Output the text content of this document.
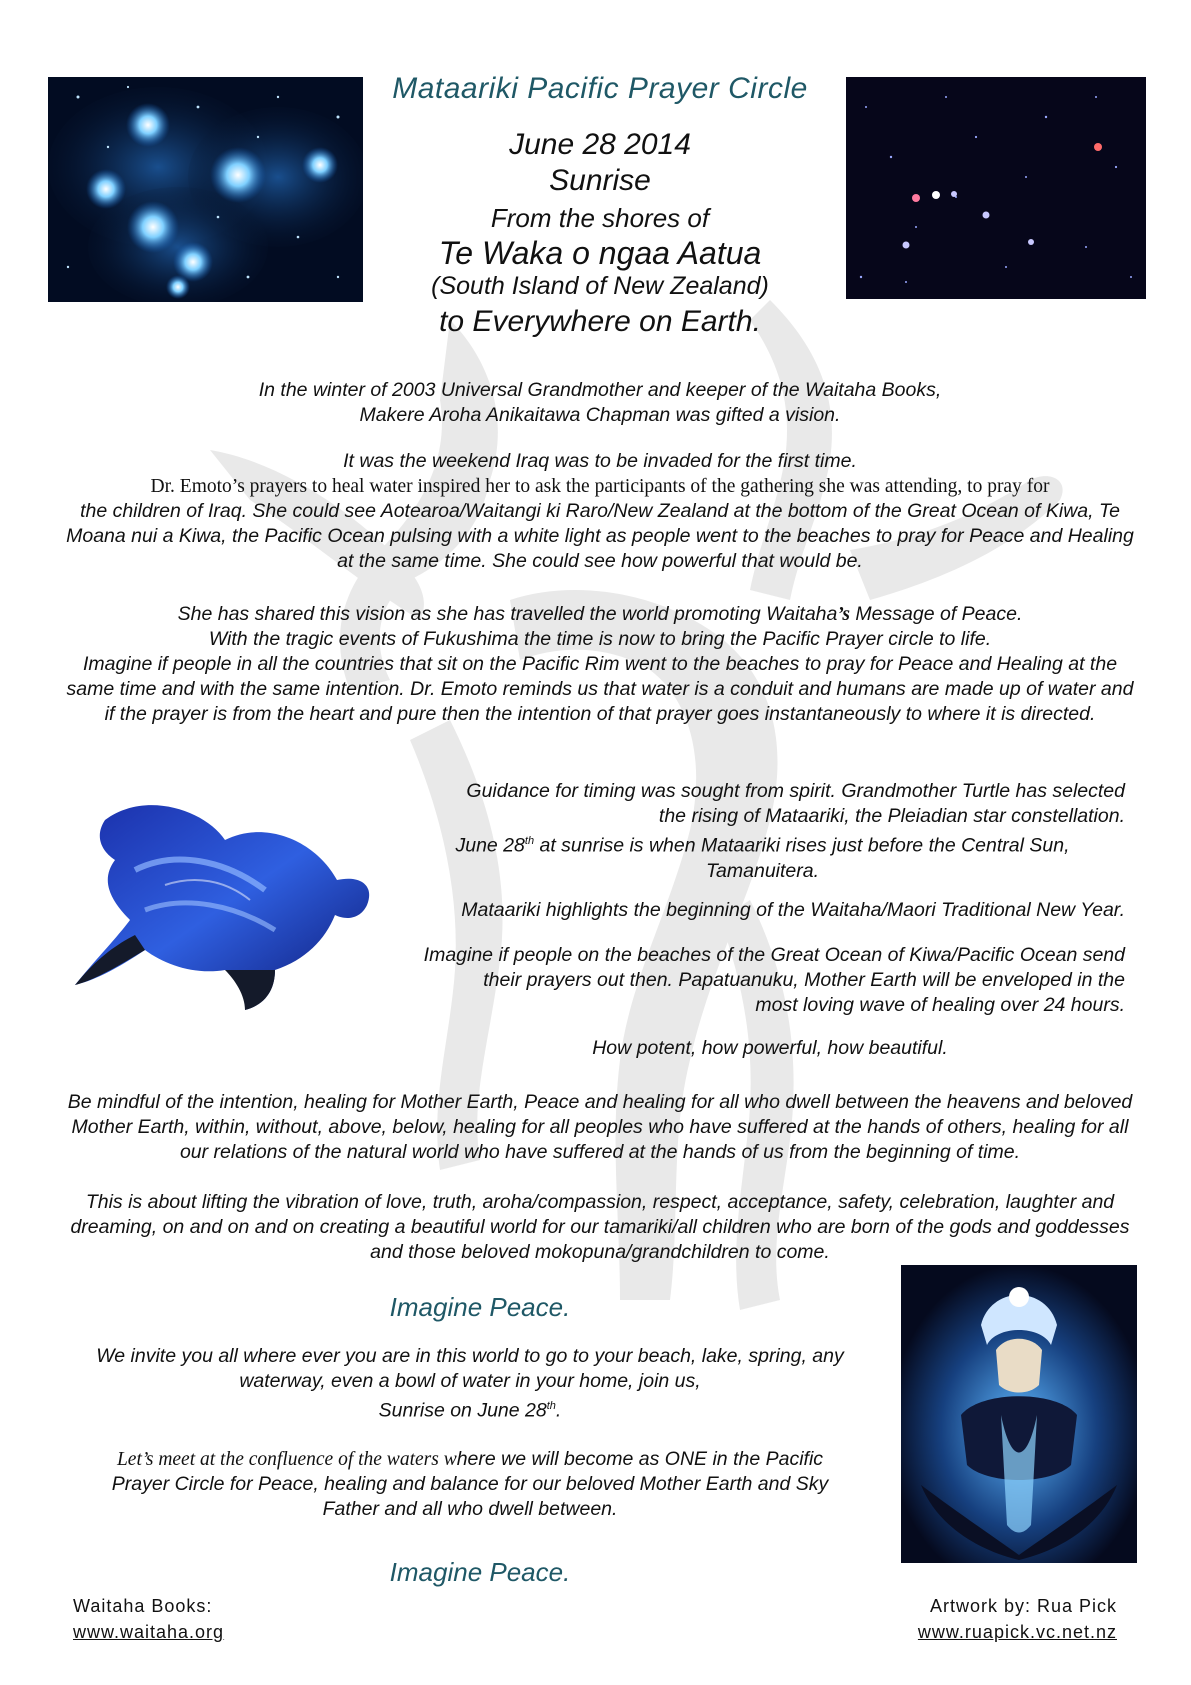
Mataariki Pacific Prayer Circle
June 28 2014
Sunrise
From the shores of
Te Waka o ngaa Aatua
(South Island of New Zealand)
to Everywhere on Earth.
In the winter of 2003 Universal Grandmother and keeper of the Waitaha Books,
Makere Aroha Anikaitawa Chapman was gifted a vision.
It was the weekend Iraq was to be invaded for the first time.
Dr. Emoto’s prayers to heal water inspired her to ask the participants of the gathering she was attending, to pray for
the children of Iraq. She could see Aotearoa/Waitangi ki Raro/New Zealand at the bottom of the Great Ocean of Kiwa, Te Moana nui a Kiwa, the Pacific Ocean pulsing with a white light as people went to the beaches to pray for Peace and Healing at the same time. She could see how powerful that would be.
She has shared this vision as she has travelled the world promoting Waitaha’s Message of Peace.
With the tragic events of Fukushima the time is now to bring the Pacific Prayer circle to life.
Imagine if people in all the countries that sit on the Pacific Rim went to the beaches to pray for Peace and Healing at the same time and with the same intention. Dr. Emoto reminds us that water is a conduit and humans are made up of water and if the prayer is from the heart and pure then the intention of that prayer goes instantaneously to where it is directed.
Guidance for timing was sought from spirit. Grandmother Turtle has selected
the rising of Mataariki, the Pleiadian star constellation.
June 28th at sunrise is when Mataariki rises just before the Central Sun,
Tamanuitera.
Mataariki highlights the beginning of the Waitaha/Maori Traditional New Year.
Imagine if people on the beaches of the Great Ocean of Kiwa/Pacific Ocean send
their prayers out then. Papatuanuku, Mother Earth will be enveloped in the
most loving wave of healing over 24 hours.
How potent, how powerful, how beautiful.
Be mindful of the intention, healing for Mother Earth, Peace and healing for all who dwell between the heavens and beloved Mother Earth, within, without, above, below, healing for all peoples who have suffered at the hands of others, healing for all our relations of the natural world who have suffered at the hands of us from the beginning of time.
This is about lifting the vibration of love, truth, aroha/compassion, respect, acceptance, safety, celebration, laughter and dreaming, on and on and on creating a beautiful world for our tamariki/all children who are born of the gods and goddesses and those beloved mokopuna/grandchildren to come.
Imagine Peace.
We invite you all where ever you are in this world to go to your beach, lake, spring, any
waterway, even a bowl of water in your home, join us,
Sunrise on June 28th.
Let’s meet at the confluence of the waters where we will become as ONE in the Pacific
Prayer Circle for Peace, healing and balance for our beloved Mother Earth and Sky
Father and all who dwell between.
Imagine Peace.
Waitaha Books:
www.waitaha.org
Artwork by: Rua Pick
www.ruapick.vc.net.nz
